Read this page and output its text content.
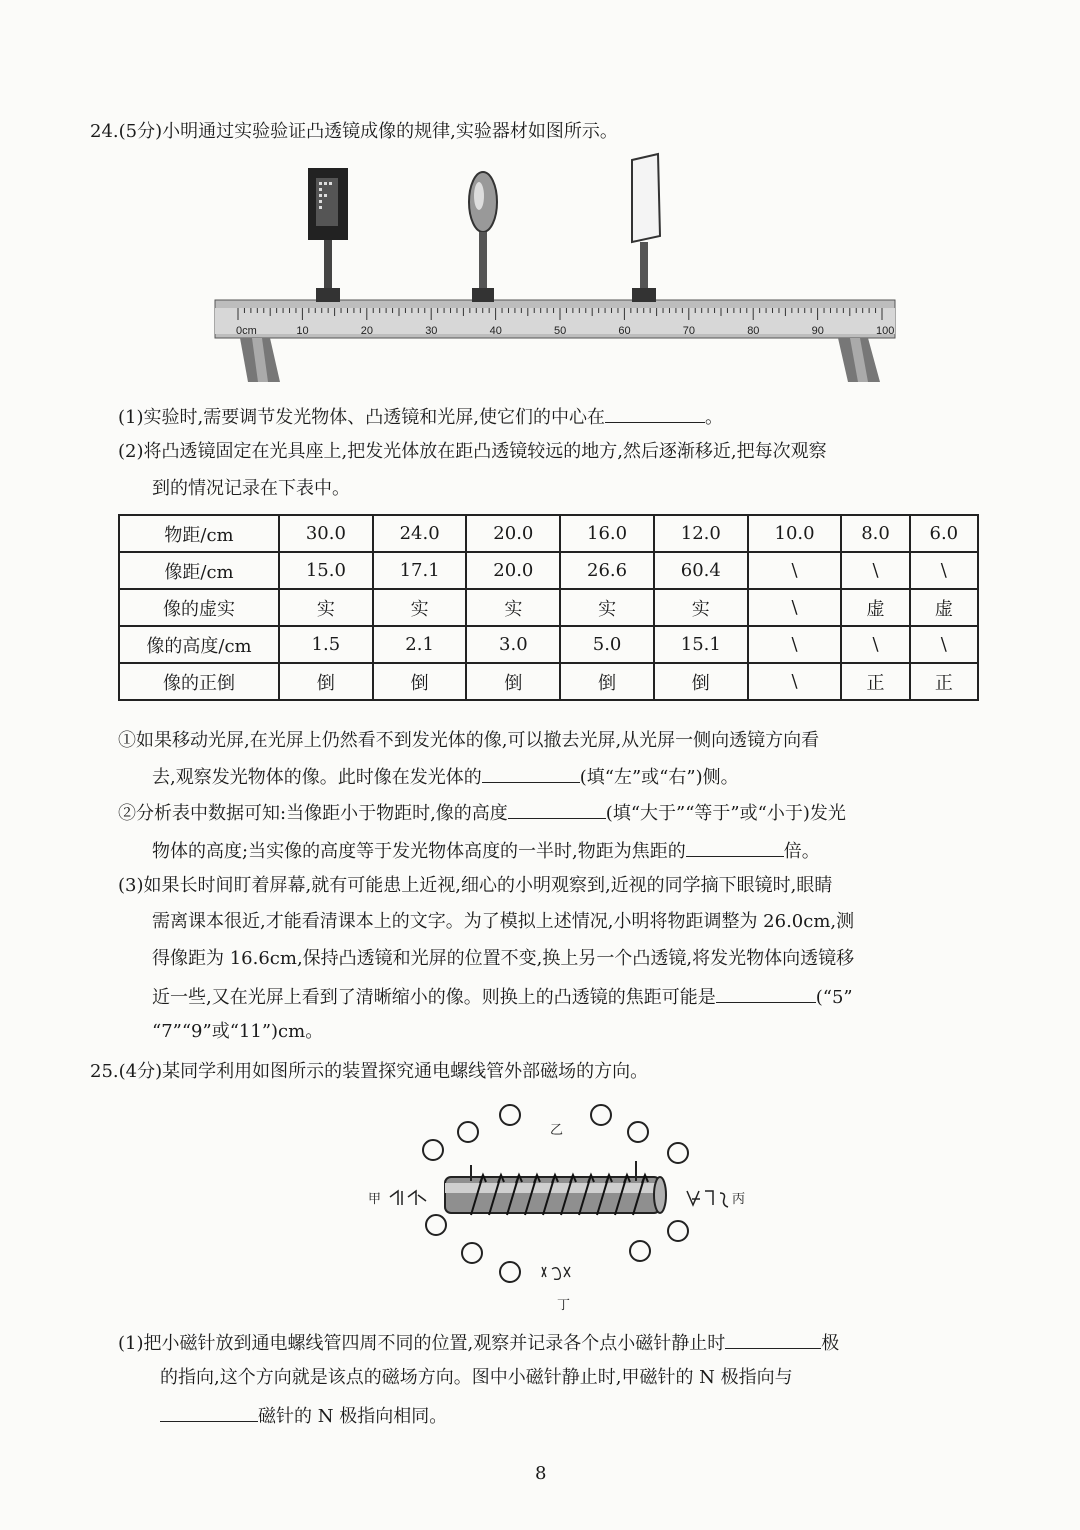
24.(5分)小明通过实验验证凸透镜成像的规律,实验器材如图所示。
0cm	10	20	30	40	50	60	70	80	90	100
(1)实验时,需要调节发光物体、凸透镜和光屏,使它们的中心在	。
(2)将凸透镜固定在光具座上,把发光体放在距凸透镜较远的地方,然后逐渐移近,把每次观察
到的情况记录在下表中。
物距/cm	30.0	24.0	20.0	16.0	12.0	10.0	8.0	6.0
像距/cm	15.0	17.1	20.0	26.6	60.4	\	\	\
像的虚实	实	实	实	实	实	\	虚	虚
像的高度/cm	1.5	2.1	3.0	5.0	15.1	\	\	\
像的正倒	倒	倒	倒	倒	倒	\	正	正
①如果移动光屏,在光屏上仍然看不到发光体的像,可以撤去光屏,从光屏一侧向透镜方向看
去,观察发光物体的像。此时像在发光体的	(填“左”或“右”)侧。
②分析表中数据可知:当像距小于物距时,像的高度	(填“大于”“等于”或“小于)发光
物体的高度;当实像的高度等于发光物体高度的一半时,物距为焦距的	倍。
(3)如果长时间盯着屏幕,就有可能患上近视,细心的小明观察到,近视的同学摘下眼镜时,眼睛
需离课本很近,才能看清课本上的文字。为了模拟上述情况,小明将物距调整为 26.0cm,测
得像距为 16.6cm,保持凸透镜和光屏的位置不变,换上另一个凸透镜,将发光物体向透镜移
近一些,又在光屏上看到了清晰缩小的像。则换上的凸透镜的焦距可能是	(“5”
“7”“9”或“11”)cm。
25.(4分)某同学利用如图所示的装置探究通电螺线管外部磁场的方向。
乙
甲	丙
丁
(1)把小磁针放到通电螺线管四周不同的位置,观察并记录各个点小磁针静止时	极
的指向,这个方向就是该点的磁场方向。图中小磁针静止时,甲磁针的 N 极指向与
磁针的 N 极指向相同。
8
